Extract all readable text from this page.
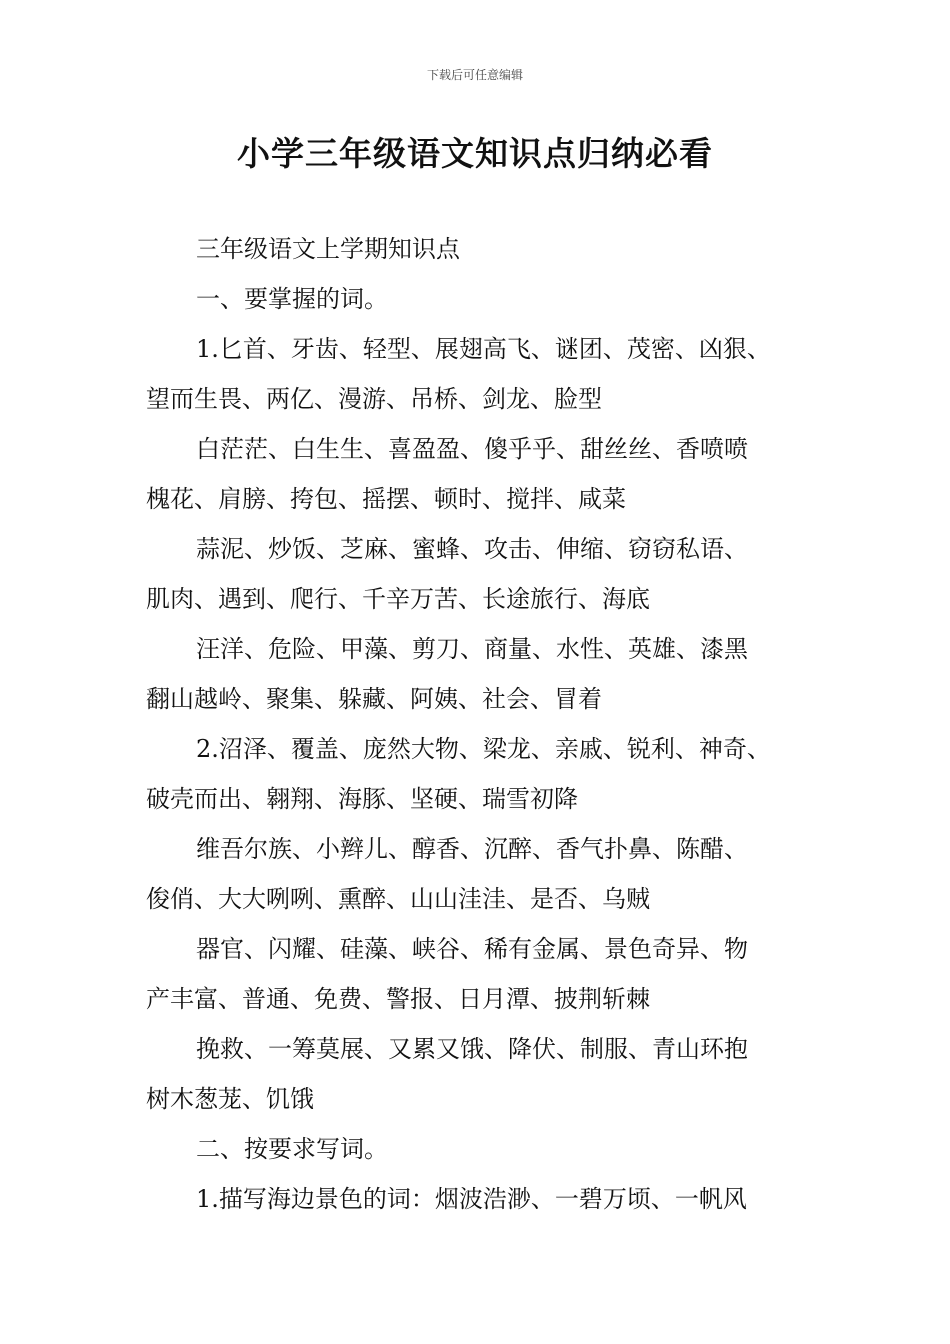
下载后可任意编辑
小学三年级语文知识点归纳必看
三年级语文上学期知识点
一、要掌握的词。
1.匕首、牙齿、轻型、展翅高飞、谜团、茂密、凶狠、
望而生畏、两亿、漫游、吊桥、剑龙、脸型
白茫茫、白生生、喜盈盈、傻乎乎、甜丝丝、香喷喷
槐花、肩膀、挎包、摇摆、顿时、搅拌、咸菜
蒜泥、炒饭、芝麻、蜜蜂、攻击、伸缩、窃窃私语、
肌肉、遇到、爬行、千辛万苦、长途旅行、海底
汪洋、危险、甲藻、剪刀、商量、水性、英雄、漆黑
翻山越岭、聚集、躲藏、阿姨、社会、冒着
2.沼泽、覆盖、庞然大物、梁龙、亲戚、锐利、神奇、
破壳而出、翱翔、海豚、坚硬、瑞雪初降
维吾尔族、小辫儿、醇香、沉醉、香气扑鼻、陈醋、
俊俏、大大咧咧、熏醉、山山洼洼、是否、乌贼
器官、闪耀、硅藻、峡谷、稀有金属、景色奇异、物
产丰富、普通、免费、警报、日月潭、披荆斩棘
挽救、一筹莫展、又累又饿、降伏、制服、青山环抱
树木葱茏、饥饿
二、按要求写词。
1.描写海边景色的词：烟波浩渺、一碧万顷、一帆风
